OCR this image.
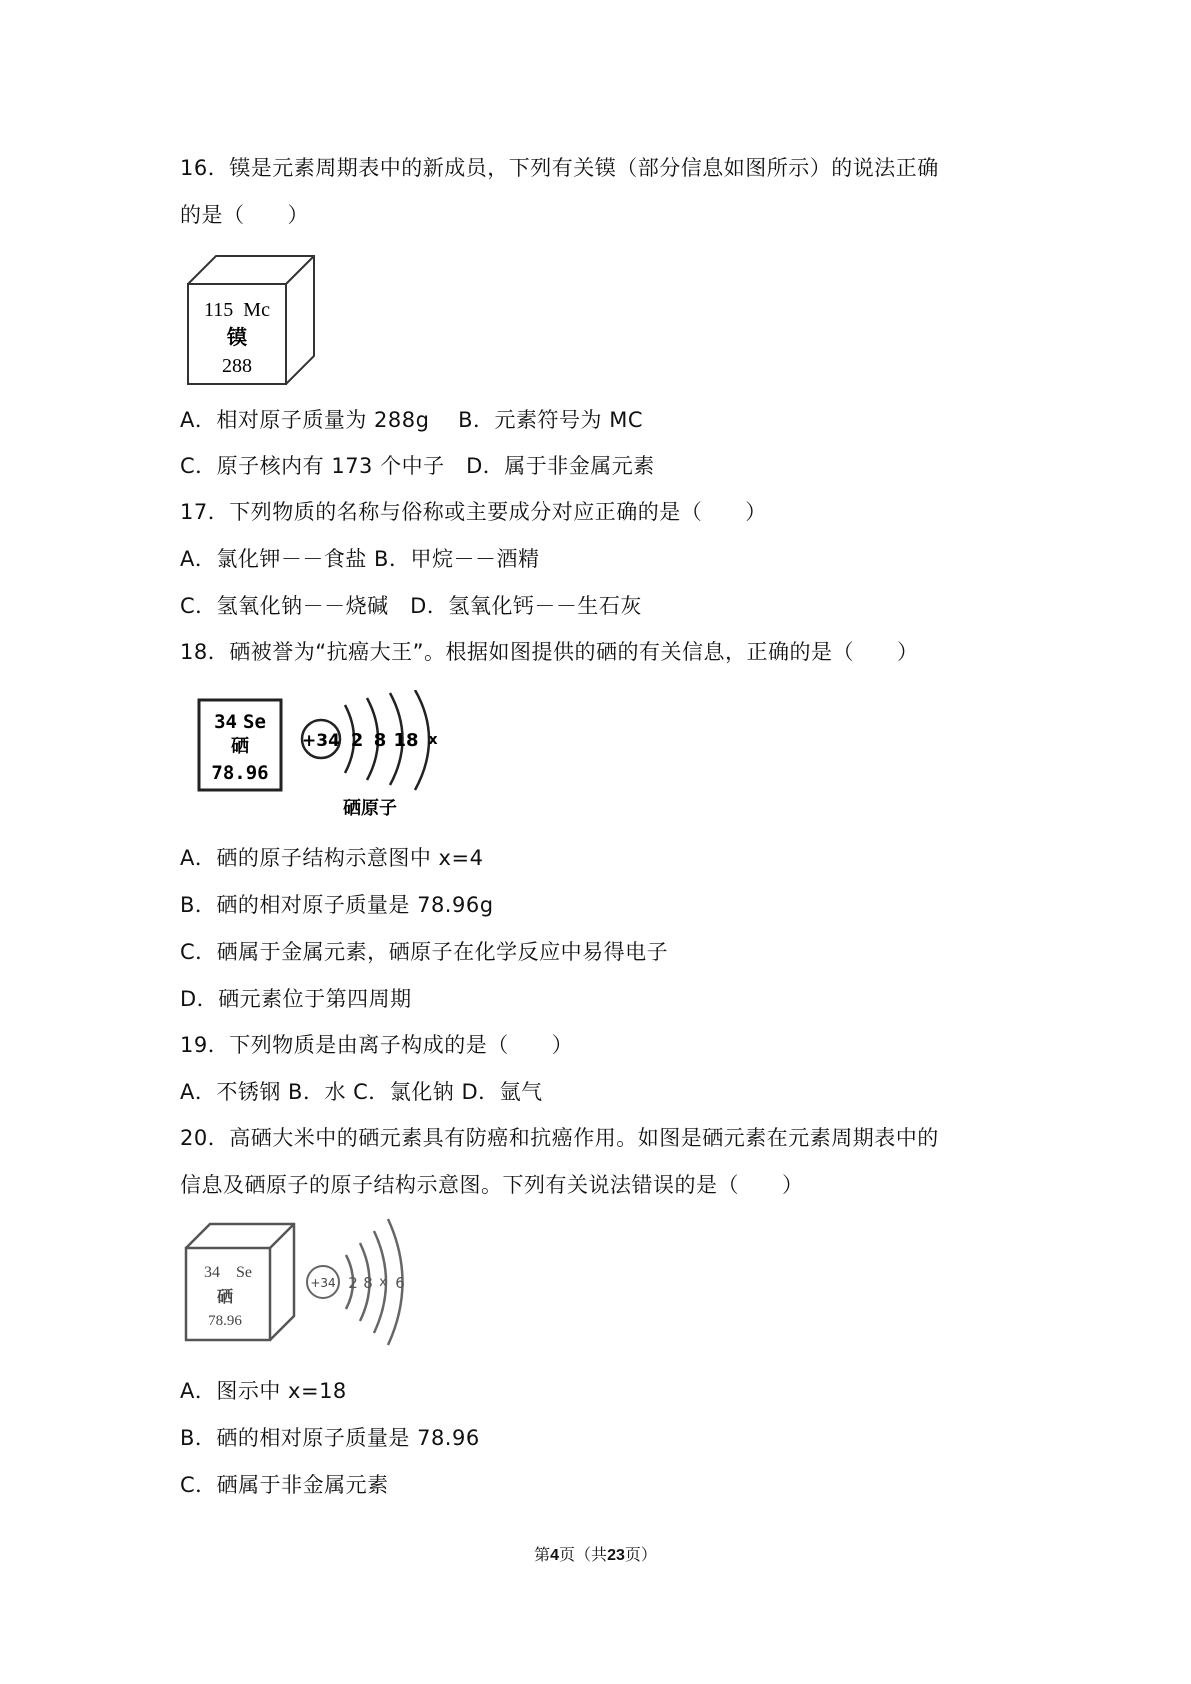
16．镆是元素周期表中的新成员，下列有关镆（部分信息如图所示）的说法正确
的是（　　）
115 Mc
镆
288
A．相对原子质量为 288g　 B．元素符号为 MC
C．原子核内有 173 个中子　D．属于非金属元素
17．下列物质的名称与俗称或主要成分对应正确的是（　　）
A．氯化钾－－食盐 B．甲烷－－酒精
C．氢氧化钠－－烧碱　D．氢氧化钙－－生石灰
18．硒被誉为“抗癌大王”。根据如图提供的硒的有关信息，正确的是（　　）
34 Se
硒
78.96
+34 2 8 18 x
硒原子
A．硒的原子结构示意图中 x=4
B．硒的相对原子质量是 78.96g
C．硒属于金属元素，硒原子在化学反应中易得电子
D．硒元素位于第四周期
19．下列物质是由离子构成的是（　　）
A．不锈钢 B．水 C．氯化钠 D．氩气
20．高硒大米中的硒元素具有防癌和抗癌作用。如图是硒元素在元素周期表中的
信息及硒原子的原子结构示意图。下列有关说法错误的是（　　）
34 Se
硒
78.96
+34 2 8 x 6
A．图示中 x=18
B．硒的相对原子质量是 78.96
C．硒属于非金属元素
第4页（共23页）
